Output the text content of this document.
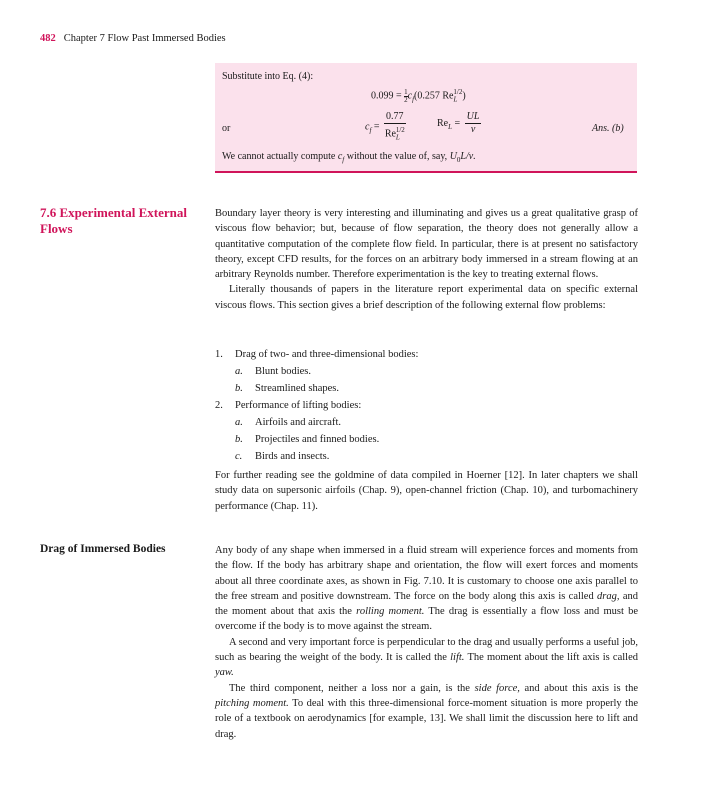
482 Chapter 7 Flow Past Immersed Bodies
Substitute into Eq. (4):
$0.099 = \frac{1}{2} c_f(0.257$ $Re_L^{1/2}$)
or	$c_f = \frac{0.77}{Re_L^{1/2}}$	$Re_L = \frac{UL}{\nu}$	Ans. (b)
We cannot actually compute $c_f$ without the value of, say, $U_0L/\nu$.
7.6 Experimental External
Flows

Boundary layer theory is very interesting and illuminating and gives us a great qualitative grasp of viscous flow behavior; but, because of flow separation, the theory does not generally allow a quantitative computation of the complete flow field. In particular, there is at present no satisfactory theory, except CFD results, for the forces on an arbitrary body immersed in a stream flowing at an arbitrary Reynolds number. Therefore experimentation is the key to treating external flows.

Literally thousands of papers in the literature report experimental data on specific external viscous flows. This section gives a brief description of the following external flow problems:

1. Drag of two- and three-dimensional bodies:
a. Blunt bodies.
b. Streamlined shapes.
2. Performance of lifting bodies:
a. Airfoils and aircraft.
b. Projectiles and finned bodies.
c. Birds and insects.

For further reading see the goldmine of data compiled in Hoerner [12]. In later chapters we shall study data on supersonic airfoils (Chap. 9), open-channel friction (Chap. 10), and turbomachinery performance (Chap. 11).

Drag of Immersed Bodies	Any body of any shape when immersed in a fluid stream will experience forces and moments from the flow. If the body has arbitrary shape and orientation, the flow will exert forces and moments about all three coordinate axes, as shown in Fig. 7.10. It is customary to choose one axis parallel to the free stream and positive downstream. The force on the body along this axis is called drag, and the moment about that axis the rolling moment. The drag is essentially a flow loss and must be overcome if the body is to move against the stream.

A second and very important force is perpendicular to the drag and usually performs a useful job, such as bearing the weight of the body. It is called the lift. The moment about the lift axis is called yaw.

The third component, neither a loss nor a gain, is the side force, and about this axis is the pitching moment. To deal with this three-dimensional force-moment situation is more properly the role of a textbook on aerodynamics [for example, 13]. We shall limit the discussion here to lift and drag.
